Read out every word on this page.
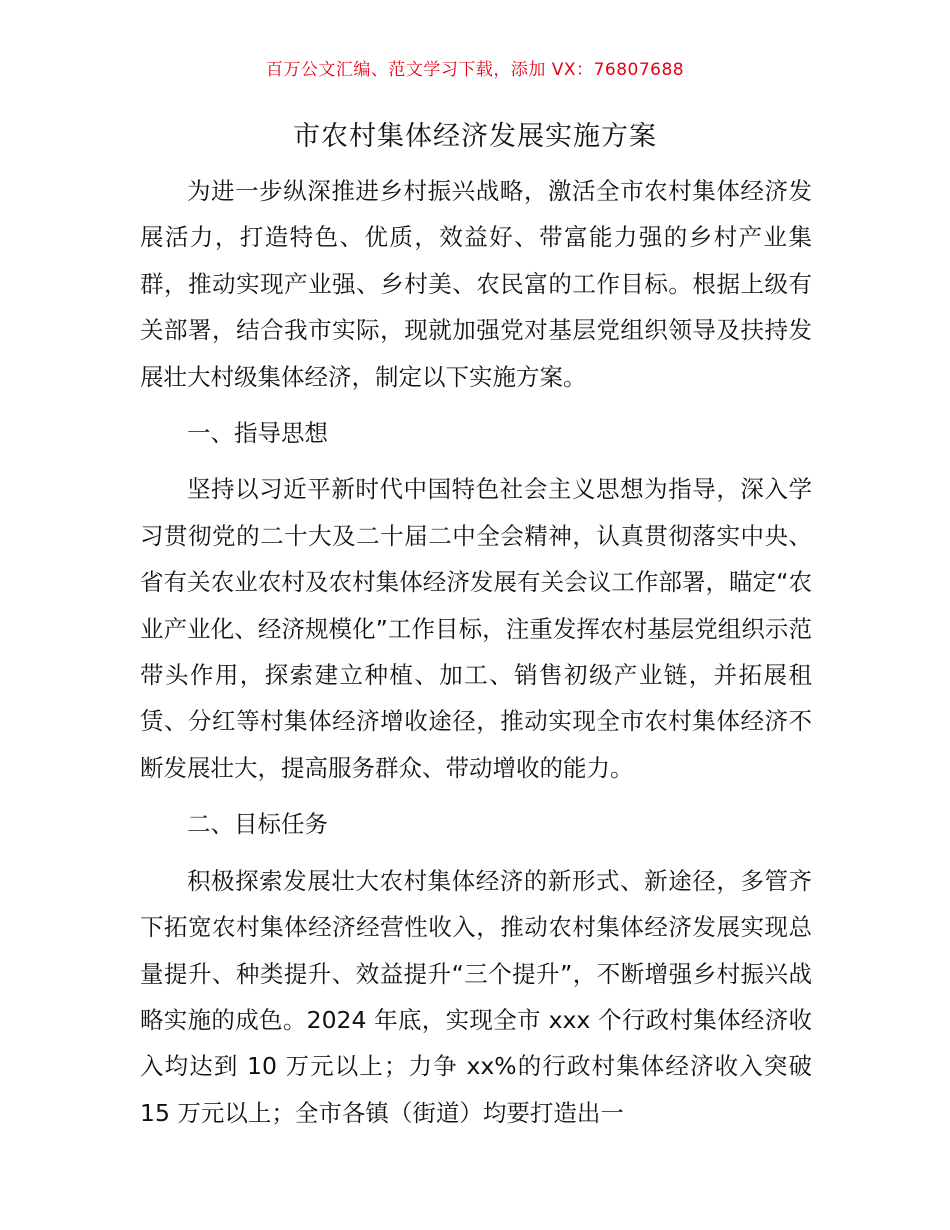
百万公文汇编、范文学习下载，添加 VX：76807688
市农村集体经济发展实施方案

为进一步纵深推进乡村振兴战略，激活全市农村集体经济发展活力，打造特色、优质，效益好、带富能力强的乡村产业集群，推动实现产业强、乡村美、农民富的工作目标。根据上级有关部署，结合我市实际，现就加强党对基层党组织领导及扶持发展壮大村级集体经济，制定以下实施方案。

一、指导思想

坚持以习近平新时代中国特色社会主义思想为指导，深入学习贯彻党的二十大及二十届二中全会精神，认真贯彻落实中央、省有关农业农村及农村集体经济发展有关会议工作部署，瞄定“农业产业化、经济规模化”工作目标，注重发挥农村基层党组织示范带头作用，探索建立种植、加工、销售初级产业链，并拓展租赁、分红等村集体经济增收途径，推动实现全市农村集体经济不断发展壮大，提高服务群众、带动增收的能力。

二、目标任务

积极探索发展壮大农村集体经济的新形式、新途径，多管齐下拓宽农村集体经济经营性收入，推动农村集体经济发展实现总量提升、种类提升、效益提升“三个提升”，不断增强乡村振兴战略实施的成色。2024 年底，实现全市 xxx 个行政村集体经济收入均达到 10 万元以上；力争 xx%的行政村集体经济收入突破 15 万元以上；全市各镇（街道）均要打造出一
